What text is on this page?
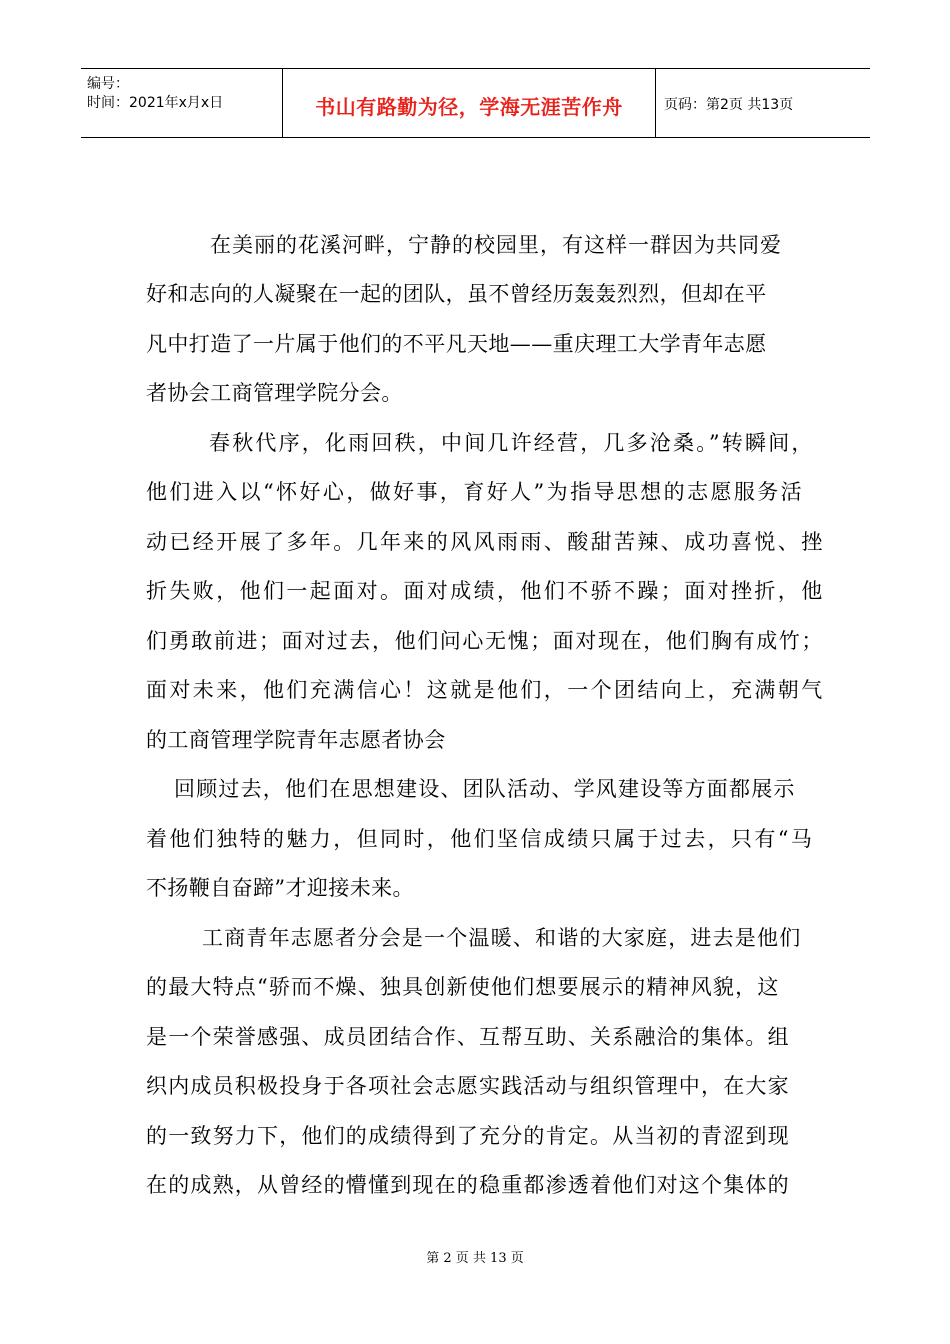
编号：
时间：2021年x月x日	书山有路勤为径，学海无涯苦作舟	页码：第2页 共13页
在美丽的花溪河畔，宁静的校园里，有这样一群因为共同爱
好和志向的人凝聚在一起的团队，虽不曾经历轰轰烈烈，但却在平
凡中打造了一片属于他们的不平凡天地——重庆理工大学青年志愿
者协会工商管理学院分会。
春秋代序，化雨回秩，中间几许经营，几多沧桑。”转瞬间，
他们进入以“怀好心，做好事，育好人”为指导思想的志愿服务活
动已经开展了多年。几年来的风风雨雨、酸甜苦辣、成功喜悦、挫
折失败，他们一起面对。面对成绩，他们不骄不躁；面对挫折，他
们勇敢前进；面对过去，他们问心无愧；面对现在，他们胸有成竹；
面对未来，他们充满信心！这就是他们，一个团结向上，充满朝气
的工商管理学院青年志愿者协会
回顾过去，他们在思想建设、团队活动、学风建设等方面都展示
着他们独特的魅力，但同时，他们坚信成绩只属于过去，只有“马
不扬鞭自奋蹄”才迎接未来。
工商青年志愿者分会是一个温暖、和谐的大家庭，进去是他们
的最大特点“骄而不燥、独具创新使他们想要展示的精神风貌，这
是一个荣誉感强、成员团结合作、互帮互助、关系融洽的集体。组
织内成员积极投身于各项社会志愿实践活动与组织管理中，在大家
的一致努力下，他们的成绩得到了充分的肯定。从当初的青涩到现
在的成熟，从曾经的懵懂到现在的稳重都渗透着他们对这个集体的
第 2 页 共 13 页
